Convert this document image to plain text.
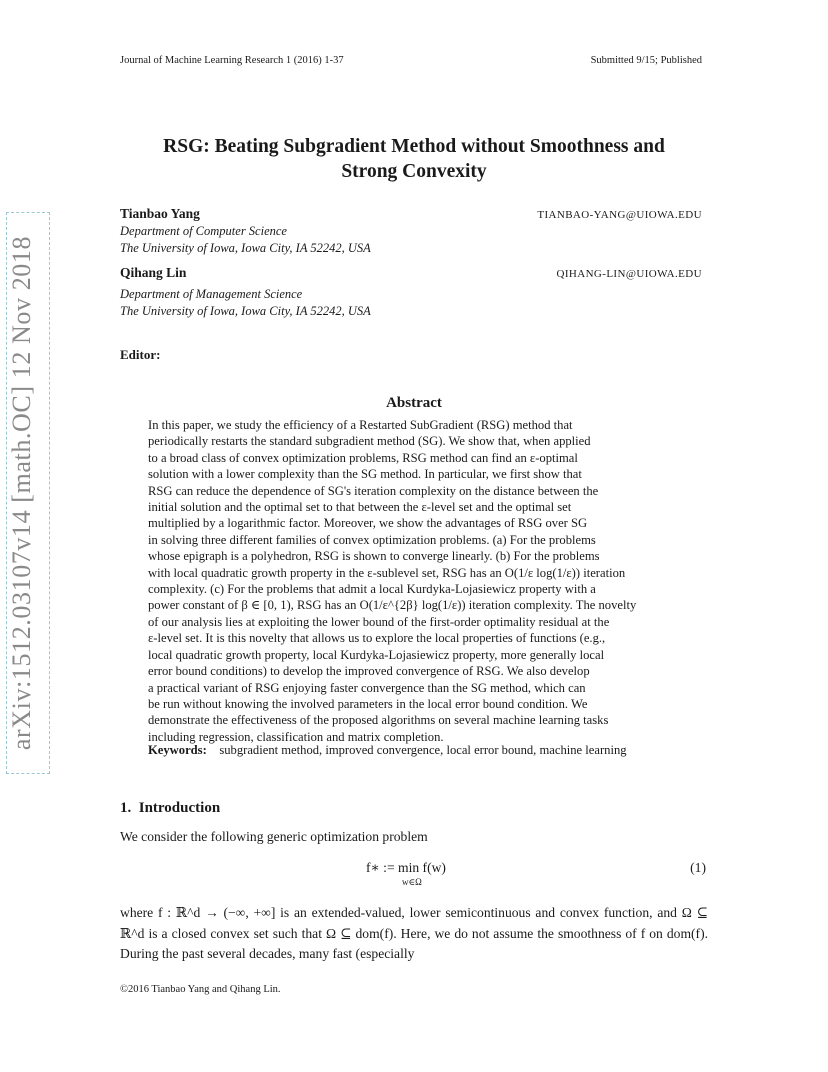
Journal of Machine Learning Research 1 (2016) 1-37	Submitted 9/15; Published
arXiv:1512.03107v14 [math.OC] 12 Nov 2018
RSG: Beating Subgradient Method without Smoothness and
Strong Convexity
Tianbao Yang	TIANBAO-YANG@UIOWA.EDU
Department of Computer Science
The University of Iowa, Iowa City, IA 52242, USA
Qihang Lin	QIHANG-LIN@UIOWA.EDU
Department of Management Science
The University of Iowa, Iowa City, IA 52242, USA
Editor:
Abstract
In this paper, we study the efficiency of a Restarted SubGradient (RSG) method that
periodically restarts the standard subgradient method (SG). We show that, when applied
to a broad class of convex optimization problems, RSG method can find an ε-optimal
solution with a lower complexity than the SG method. In particular, we first show that
RSG can reduce the dependence of SG's iteration complexity on the distance between the
initial solution and the optimal set to that between the ε-level set and the optimal set
multiplied by a logarithmic factor. Moreover, we show the advantages of RSG over SG
in solving three different families of convex optimization problems. (a) For the problems
whose epigraph is a polyhedron, RSG is shown to converge linearly. (b) For the problems
with local quadratic growth property in the ε-sublevel set, RSG has an O(1/ε log(1/ε)) iteration
complexity. (c) For the problems that admit a local Kurdyka-Lojasiewicz property with a
power constant of β ∈ [0, 1), RSG has an O(1/ε^{2β} log(1/ε)) iteration complexity. The novelty
of our analysis lies at exploiting the lower bound of the first-order optimality residual at the
ε-level set. It is this novelty that allows us to explore the local properties of functions (e.g.,
local quadratic growth property, local Kurdyka-Lojasiewicz property, more generally local
error bound conditions) to develop the improved convergence of RSG. We also develop
a practical variant of RSG enjoying faster convergence than the SG method, which can
be run without knowing the involved parameters in the local error bound condition. We
demonstrate the effectiveness of the proposed algorithms on several machine learning tasks
including regression, classification and matrix completion.
Keywords: subgradient method, improved convergence, local error bound, machine learning
1. Introduction
We consider the following generic optimization problem
f∗ := min f(w)
w∈Ω
(1)
where f : ℝ^d → (−∞, +∞] is an extended-valued, lower semicontinuous and convex function, and Ω ⊆ ℝ^d is a closed convex set such that Ω ⊆ dom(f). Here, we do not assume the smoothness of f on dom(f). During the past several decades, many fast (especially
©2016 Tianbao Yang and Qihang Lin.
